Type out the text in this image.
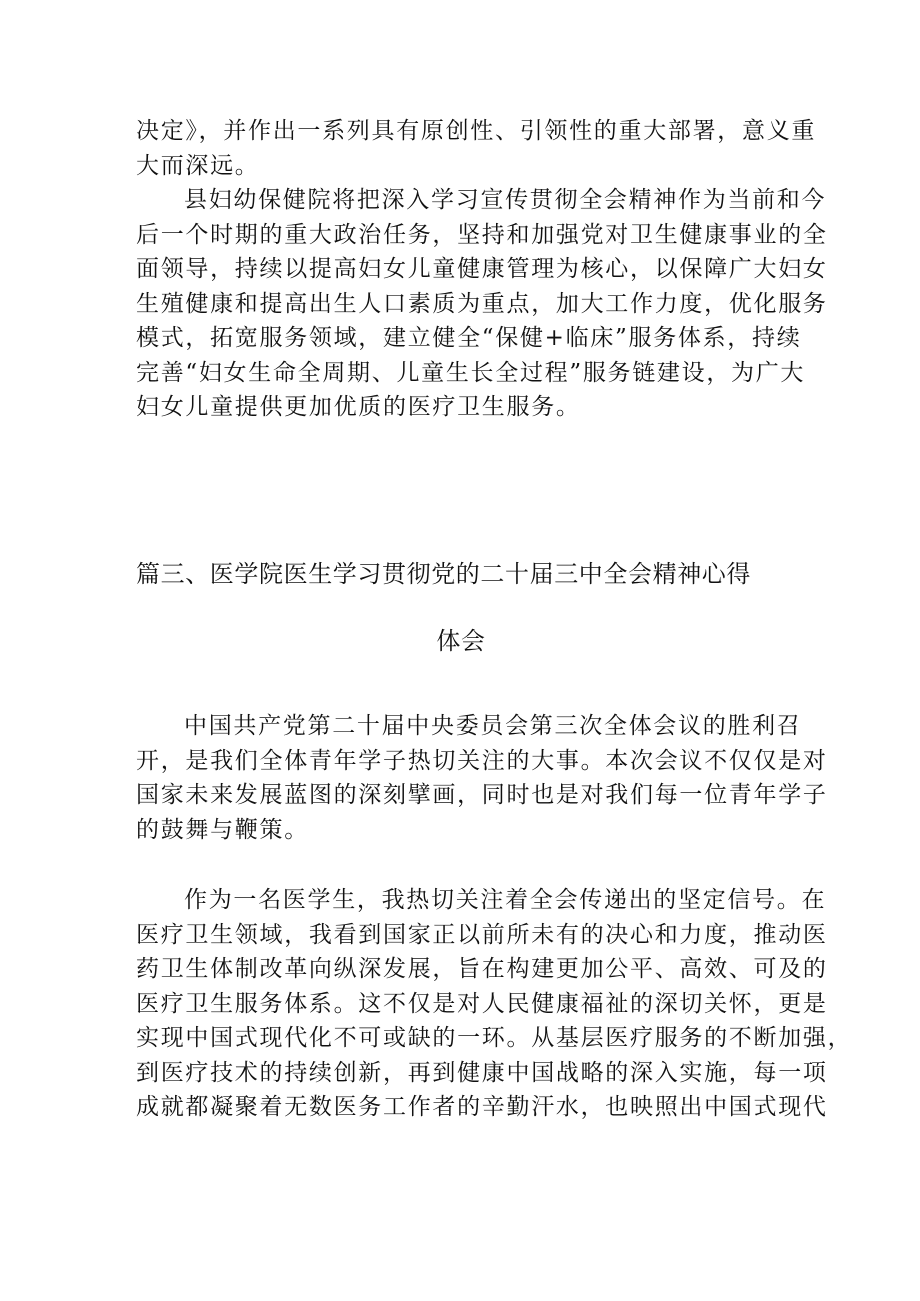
决定》，并作出一系列具有原创性、引领性的重大部署，意义重
大而深远。
县妇幼保健院将把深入学习宣传贯彻全会精神作为当前和今
后一个时期的重大政治任务，坚持和加强党对卫生健康事业的全
面领导，持续以提高妇女儿童健康管理为核心，以保障广大妇女
生殖健康和提高出生人口素质为重点，加大工作力度，优化服务
模式，拓宽服务领域，建立健全“保健+临床”服务体系，持续
完善“妇女生命全周期、儿童生长全过程”服务链建设，为广大
妇女儿童提供更加优质的医疗卫生服务。
篇三、医学院医生学习贯彻党的二十届三中全会精神心得
体会
中国共产党第二十届中央委员会第三次全体会议的胜利召
开，是我们全体青年学子热切关注的大事。本次会议不仅仅是对
国家未来发展蓝图的深刻擘画，同时也是对我们每一位青年学子
的鼓舞与鞭策。
作为一名医学生，我热切关注着全会传递出的坚定信号。在
医疗卫生领域，我看到国家正以前所未有的决心和力度，推动医
药卫生体制改革向纵深发展，旨在构建更加公平、高效、可及的
医疗卫生服务体系。这不仅是对人民健康福祉的深切关怀，更是
实现中国式现代化不可或缺的一环。从基层医疗服务的不断加强，
到医疗技术的持续创新，再到健康中国战略的深入实施，每一项
成就都凝聚着无数医务工作者的辛勤汗水，也映照出中国式现代
